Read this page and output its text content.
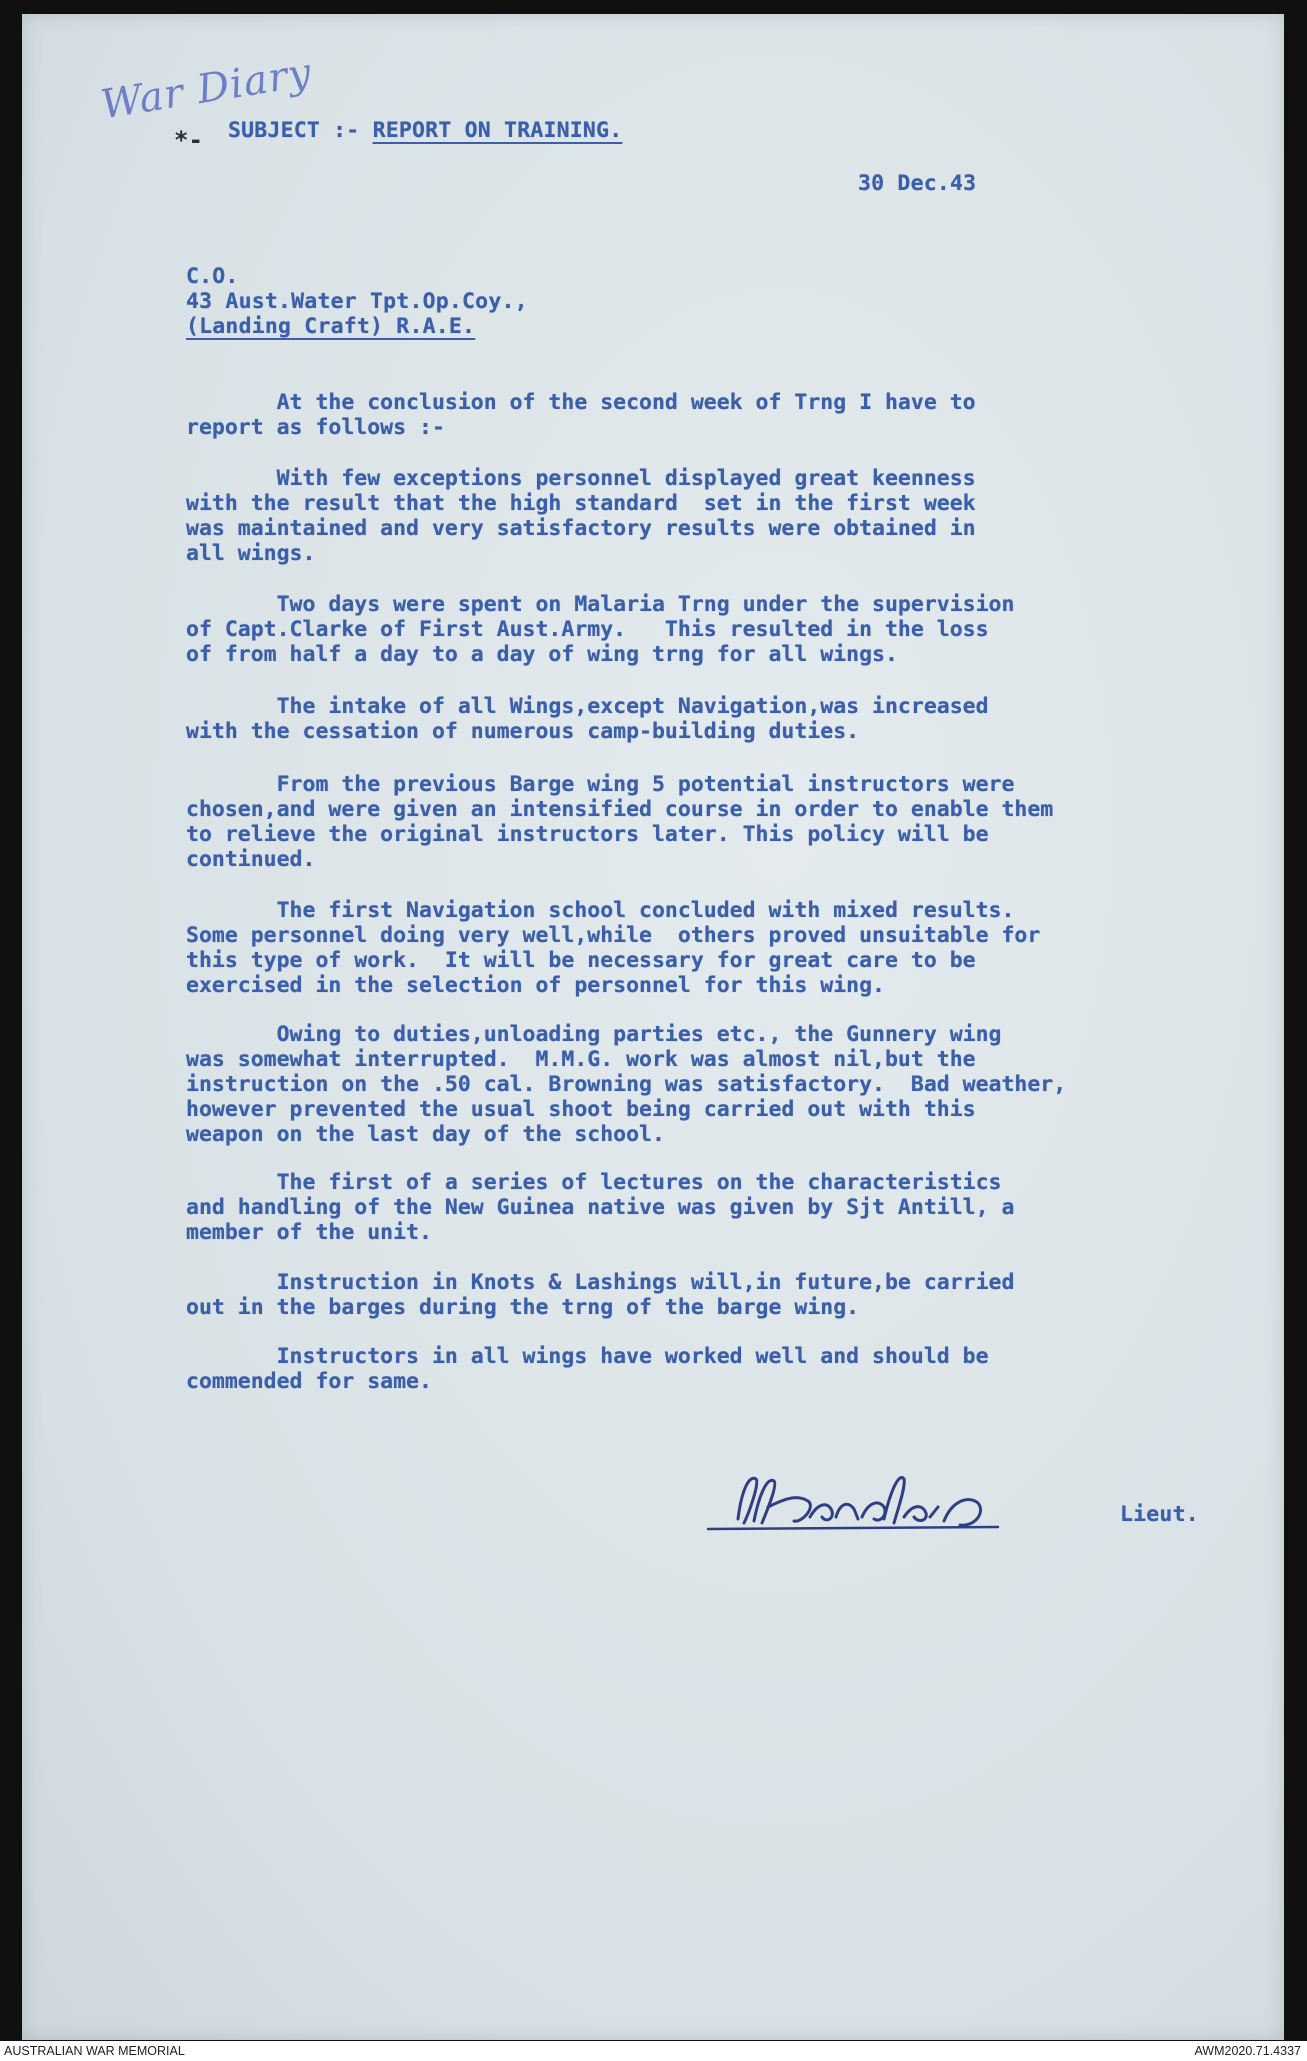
War Diary
*- SUBJECT :- REPORT ON TRAINING.
30 Dec.43
C.O.
43 Aust.Water Tpt.Op.Coy.,
(Landing Craft) R.A.E.
At the conclusion of the second week of Trng I have to
report as follows :-
With few exceptions personnel displayed great keenness
with the result that the high standard  set in the first week
was maintained and very satisfactory results were obtained in
all wings.
Two days were spent on Malaria Trng under the supervision
of Capt.Clarke of First Aust.Army.   This resulted in the loss
of from half a day to a day of wing trng for all wings.
The intake of all Wings,except Navigation,was increased
with the cessation of numerous camp-building duties.
From the previous Barge wing 5 potential instructors were
chosen,and were given an intensified course in order to enable them
to relieve the original instructors later. This policy will be
continued.
The first Navigation school concluded with mixed results.
Some personnel doing very well,while  others proved unsuitable for
this type of work.  It will be necessary for great care to be
exercised in the selection of personnel for this wing.
Owing to duties,unloading parties etc., the Gunnery wing
was somewhat interrupted.  M.M.G. work was almost nil,but the
instruction on the .50 cal. Browning was satisfactory.  Bad weather,
however prevented the usual shoot being carried out with this
weapon on the last day of the school.
The first of a series of lectures on the characteristics
and handling of the New Guinea native was given by Sjt Antill, a
member of the unit.
Instruction in Knots & Lashings will,in future,be carried
out in the barges during the trng of the barge wing.
Instructors in all wings have worked well and should be
commended for same.
Lieut.
AUSTRALIAN WAR MEMORIAL	AWM2020.71.4337
